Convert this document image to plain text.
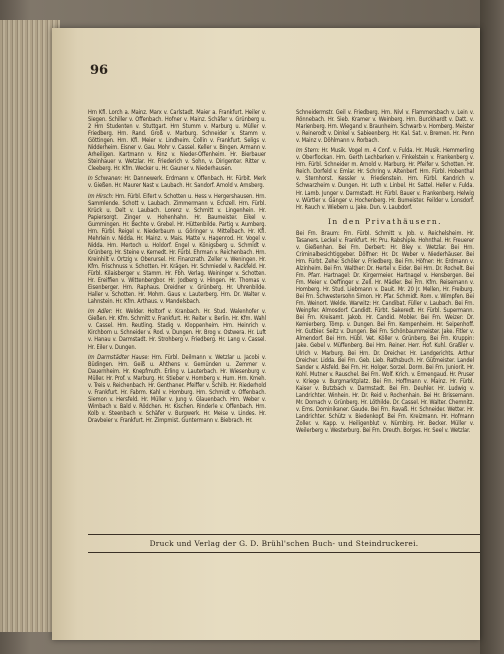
96

Hrn Kfl. Lorch a. Mainz. Marx v. Carlstadt. Maier a. Frankfurt. Heiler v. Siegen. Schiller v. Offenbach. Hofner v. Mainz. Schäfer v. Grünberg u. 2 Hrn Studenten v. Stuttgart. Hrn Stumm v. Marburg u. Müller v. Friedberg. Hrn. Rand. Groß v. Marburg. Schneider v. Stamm v. Göttingen. Hrn. Kfl. Meier v. Lindheim. Collin v. Frankfurt. Seligs v. Nidderheim. Eisner v. Gau. Mohr v. Cassel. Keller v. Bingen. Armann v. Arheiligen. Kartmann v. Rinz v. Nieder-Offenheim. Hr. Bierbauer Steinhauer v. Wetzlar. Hr. Friederich v. Sohn, v. Dirigenter. Ritter v. Cleeberg. Hr. Kfm. Wecker u. Hr. Gauner v. Niederhausen.

In Schwanen: Hr. Dannewerk. Erdmann v. Offenbach. Hr. Fürbit. Merk v. Gießen. Hr. Maurer Nast v. Laubach. Hr. Sandorf. Arnold v. Arnsberg.

Im Hirsch: Hrn. Fürbl. Eifert v. Schotten u. Hess v. Hergershausen. Hrn. Sammlende. Schott v. Laubach. Zimmermann v. Echzell. Hrn. Fürbl. Krück u. Delt v. Laubach. Lorenz v. Schmitt v. Lingenhein. Hr. Papiersorgt. Zinger v. Hohenhahn. Hr. Baumeister. Eikel v. Gummingen. Hr. Bechte v. Grebel. Hr. Hüttenbilde. Partig v. Aumberg. Hrn. Fürbl. Reigel v. Niederbaum u. Göringer v. Mittelbach. Hr. Kfl. Mehrlein v. Nidda. Hr. Mainz. v. Mais. Matte v. Hagenrod. Hr. Vogel v. Nidda. Hrn. Mertoch u. Holdorf. Engel v. Königsberg u. Schmidt v. Grünberg. Hr. Steine v. Kernedt. Hr. Fürbl. Ehrman v. Reichenbach. Hrn. Kreinhilt v. Ortzig v. Oberursel. Hr. Finanzrath. Zeller v. Weningen. Hr. Kfm. Frischnuss v. Schotten. Hr. Krägen. Hr. Schmiedel v. Rackfeld. Hr. Fürbl. Kilaisberger v. Stamm. Hr. Fbh. Verlag. Weininger v. Schotten. Hr. Ereiffien v. Wittenbergbor. Hr. Jodberg v. Hingen. Hr. Thomas v. Eisenberger. Hrn. Raphaus. Dreidner v. Grünberg. Hr. Uhrenbilde. Haller v. Schotten. Hr. Mohrn. Gaus v. Lauterberg. Hrn. Dr. Walter v. Lahnstein. Hr. Kfm. Arthaus. v. Mandelsbach.

Im Adler: Hr. Welder. Holtorf v. Kranbach. Hr. Stud. Walenhofer v. Gießen. Hr. Kfm. Schmitt v. Frankfurt. Hr. Reiter v. Berlin. Hr. Kfm. Wahl v. Cassel. Hrn. Reutling. Stadig v. Kloppenheim. Hrn. Heinrich v. Kirchborn u. Schneider v. Rod. v. Dungen. Hr. Brog v. Ostwera. Hr. Luft v. Hanau v. Darmstadt. Hr. Strohberg v. Friedberg. Hr. Lang v. Cassel. Hr. Eiler v. Dungen.

Im Darmstädter Hause: Hrn. Fürbl. Deilmann v. Wetzlar u. Jacobi v. Büdingen. Hrn. Geiß u. Ahthens v. Gemünden u. Zemmer v. Dauernheim. Hr. Knepfmuth. Erling v. Lauterbach. Hr. Wiesenburg v. Müller. Hr. Prof. v. Marburg. Hr. Stieber v. Homberg v. Hum. Hrn. Kmeh. v. Treis v. Reichenbach. Hr. Genthaner. Pfeiffer v. Schilb. Hr. Riederhold v. Frankfurt. Hr. Fabrm. Kahl v. Homburg. Hrn. Schmidt v. Offenbach. Siemon v. Hersfeld. Hr. Müller v. Jung v. Glauenbach. Hrn. Weber v. Wimbach v. Bald v. Rödchen. Hr. Kischen. Rinderle v. Offenbach. Hrn. Kolb v. Steenbach v. Schäfer v. Burgwerk. Hr. Meise v. Lindes. Hr. Dravbeier v. Frankfurt. Hr. Zimpmist. Guntermann v. Biebrach. Hr.

Schneidermstr. Geil v. Friedberg. Hrn. Nivl v. Flammersbach v. Lein v. Rönnebach. Hr. Sieb. Kramer v. Weinberg. Hrn. Burckhardt v. Datt. v. Marienberg. Hrn. Wiegand v. Braunheim. Schwarb v. Homberg. Meister v. Reinerodt v. Dinkel v. Sabieenberg. Hr. Kal. Sat. v. Bremen. Hr. Penn v. Mainz v. Döhlmann v. Rorbach.

Im Stern: Hr. Musik. Vogel m. 4 Conf. v. Fulda. Hr. Musik. Hemmerling v. Oberflockan. Hrn. Gerth Lechbarken v. Finkelstein v. Frankenberg v. Hrn. Fürbl. Schneider m. Arnold v. Marburg. Hr. Pfeifer v. Schotten. Hr. Reich. Dorfeld v. Emlar. Hr. Schring v. Altenberf. Hrn. Fürbl. Hobenthal v. Sternhorst. Kessler v. Friedenstein. Hrn. Fürbl. Kandrich v. Schwarzheim v. Dungen. Hr. Luth v. Linbel. Hr. Sattel. Heller v. Fulda. Hr. Lamb. Junger v. Darmstadt. Hr. Fürbl. Bauer v. Frankenberg. Helwig v. Würtler v. Gänger v. Hochenberg. Hr. Bumeister. Feilder v. Lonsdorf. Hr. Rauch v. Wiebern u. Jake. Dun. v. Laubdorf.

In den Privathäusern.

Bei Frn. Braum: Frn. Fürbl. Schmitt v. Job. v. Reichelsheim. Hr. Tasaners. Leckel v. Frankfurt. Hr. Pru. Rabshiple. Hohnthal. Hr. Freuerer v. Gießenhan. Bei Frn. Derbert: Hr. Bley v. Wetzlar. Bei Hrn. Criminalbesichtiggeber. Dölfner: Hr. Dr. Weber v. Niederhäuser. Bei Hrn. Fürbt. Zehe: Schöler v. Friedberg. Bei Frn. Höfner: Hr. Erdmann v. Alzinheim. Bei Frn. Walther: Dr. Hertel v. Eider. Bei Hrn. Dr. Rochelt. Bei Frn. Pfarr. Hartnagel: Dr. Kirgermeier. Hartnagel v. Hensbergen. Bei Frn. Meier v. Oeffinger v. Zell. Hr. Mädler. Bei Frn. Kfm. Reisemann v. Homberg. Hr. Stud. Liebmann v. Dauit. Mr. 20 Jr. Mellen, Hr. Freiburg. Bei Frn. Schwestersohn Simon. Hr. Pfar. Schmidt. Rom. v. Wimpfen. Bei Frn. Weinort. Welde. Warwitz: Hr. Candibat. Füller v. Laubach. Bei Frn. Weinpfer. Almosdorf. Candidt. Fürbt. Sakeredt. Hr. Fürbl. Supermann. Bei Frn. Kreisamt. Jakob. Hr. Candid. Mobler. Bei Frn. Weizer: Dr. Kemierberg. Tömp. v. Dungen. Bei Frn. Kempenheim. Hr. Seipenhoff. Hr. Gutbier. Seitz v. Dungen. Bei Frn. Schönbaummeister. Jake. Fitler v. Almendorf. Bei Hrn. Hübl. Vet. Köller v. Grünberg. Bei Frn. Kruppin: Jake. Gebel v. Müffenberg. Bei Hrn. Reiner. Herr. Hof. Kuhl. Graßler v. Ulrich v. Marburg. Bei Hrn. Dr. Dreicher. Hr. Landgerichts. Arthur Dreicher. Lidda. Bei Frn. Geb. Lieb. Rathsbuch. Hr. Gütmeister. Landel Sander v. Alsfeld. Bei Frn. Hr. Holger. Sorzel. Dorm. Bei Frn. Juniorit. Hr. Kohl. Mutner v. Rauschel. Bei Frn. Wolf. Krich. v. Ermengaud. Hr. Pruser v. Kriege v. Burgmarktplatz. Bei Frn. Hoffmann v. Mainz. Hr. Fürbl. Kaiser v. Butzbach v. Darmstadt. Bei Frn. Deuhler. Hr. Ludwig v. Landrichter. Winhein. Hr. Dr. Reid v. Rochenhain. Bei Hr. Brissemann. Mr. Dornach v. Grünberg. Hr. Löthilde. Dr. Cassel. Hr. Walter. Chemnitz. v. Ems. Dominikaner. Gaude. Bei Frn. Ravaß. Hr. Schneider. Wetter. Hr. Landrichter. Schütz v. Biedenkopf. Bei Frn. Kreizmann. Hr. Hofmann Zoller. v. Kapp. v. Heiligenblut v. Nürnbirg. Hr. Becker. Müller v. Weilerberg v. Westerburg. Bei Frn. Dreuth. Borges. Hr. Seel v. Wetzlar.

Druck und Verlag der G. D. Brühl'schen Buch- und Steindruckerei.
